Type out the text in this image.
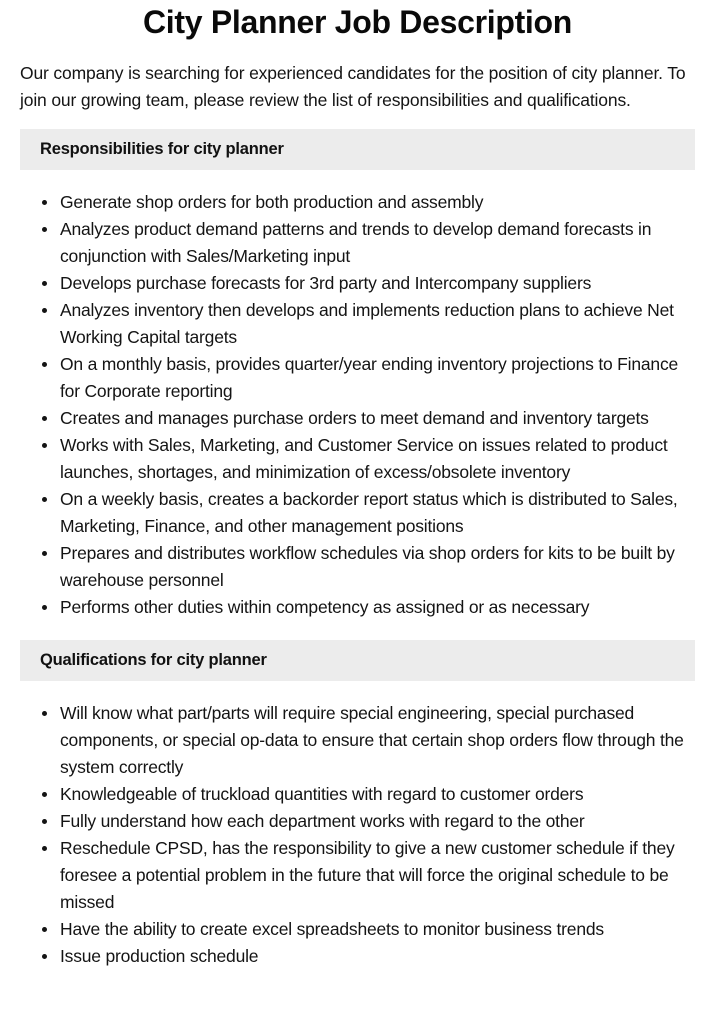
City Planner Job Description

Our company is searching for experienced candidates for the position of city planner. To join our growing team, please review the list of responsibilities and qualifications.

Responsibilities for city planner
Generate shop orders for both production and assembly
Analyzes product demand patterns and trends to develop demand forecasts in conjunction with Sales/Marketing input
Develops purchase forecasts for 3rd party and Intercompany suppliers
Analyzes inventory then develops and implements reduction plans to achieve Net Working Capital targets
On a monthly basis, provides quarter/year ending inventory projections to Finance for Corporate reporting
Creates and manages purchase orders to meet demand and inventory targets
Works with Sales, Marketing, and Customer Service on issues related to product launches, shortages, and minimization of excess/obsolete inventory
On a weekly basis, creates a backorder report status which is distributed to Sales, Marketing, Finance, and other management positions
Prepares and distributes workflow schedules via shop orders for kits to be built by warehouse personnel
Performs other duties within competency as assigned or as necessary
Qualifications for city planner
Will know what part/parts will require special engineering, special purchased components, or special op-data to ensure that certain shop orders flow through the system correctly
Knowledgeable of truckload quantities with regard to customer orders
Fully understand how each department works with regard to the other
Reschedule CPSD, has the responsibility to give a new customer schedule if they foresee a potential problem in the future that will force the original schedule to be missed
Have the ability to create excel spreadsheets to monitor business trends
Issue production schedule
